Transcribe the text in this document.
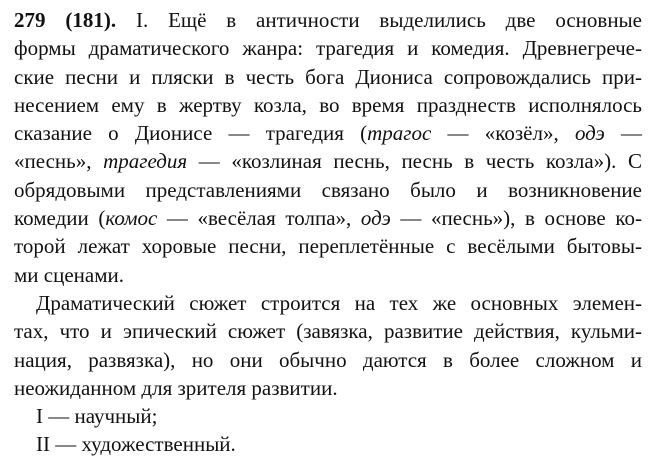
279 (181). I. Ещё в античности выделились две основные
формы драматического жанра: трагедия и комедия. Древнегрече-
ские песни и пляски в честь бога Диониса сопровождались при-
несением ему в жертву козла, во время празднеств исполнялось
сказание о Дионисе — трагедия (трагос — «козёл», одэ —
«песнь», трагедия — «козлиная песнь, песнь в честь козла»). С
обрядовыми представлениями связано было и возникновение
комедии (комос — «весёлая толпа», одэ — «песнь»), в основе ко-
торой лежат хоровые песни, переплетённые с весёлыми бытовы-
ми сценами.
Драматический сюжет строится на тех же основных элемен-
тах, что и эпический сюжет (завязка, развитие действия, кульми-
нация, развязка), но они обычно даются в более сложном и
неожиданном для зрителя развитии.
I — научный;
II — художественный.
